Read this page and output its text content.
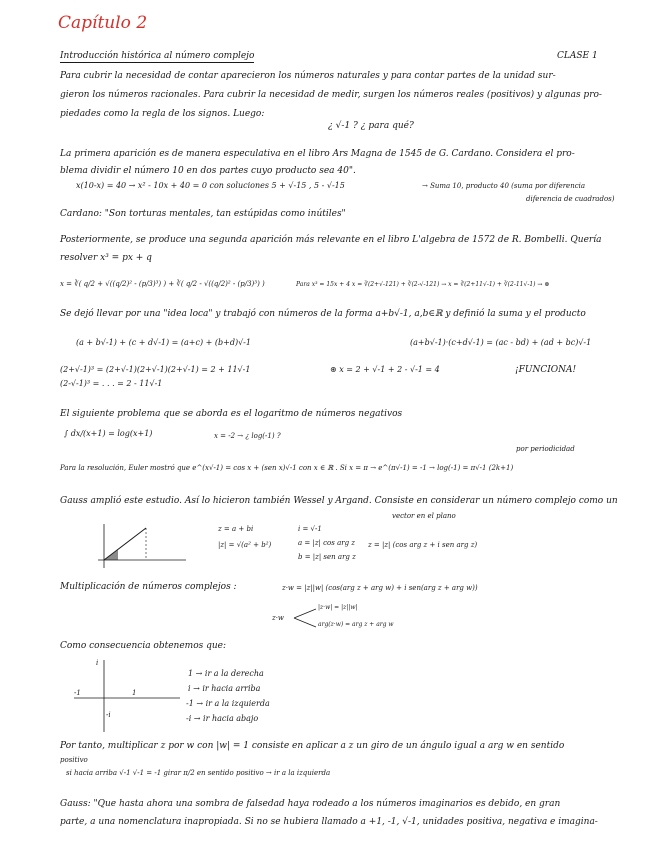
Capítulo 2
Introducción histórica al número complejo	CLASE 1
Para cubrir la necesidad de contar aparecieron los números naturales y para contar partes de la unidad sur-
gieron los números racionales. Para cubrir la necesidad de medir, surgen los números reales (positivos) y algunas pro-
piedades como la regla de los signos. Luego:
¿ √-1 ? ¿ para qué?
La primera aparición es de manera especulativa en el libro Ars Magna de 1545 de G. Cardano. Considera el pro-
blema dividir el número 10 en dos partes cuyo producto sea 40".
x(10-x) = 40 → x² - 10x + 40 = 0 con soluciones 5 + √-15 , 5 - √-15	→ Suma 10, producto 40 (suma por diferencia
diferencia de cuadrados)
Cardano: "Son torturas mentales, tan estúpidas como inútiles"
Posteriormente, se produce una segunda aparición más relevante en el libro L'algebra de 1572 de R. Bombelli. Quería
resolver x³ = px + q
x = ∛( q/2 + √((q/2)² - (p/3)³) ) + ∛( q/2 - √((q/2)² - (p/3)³) )	Para x³ = 15x + 4 x = ∛(2+√-121) + ∛(2-√-121) → x = ∛(2+11√-1) + ∛(2-11√-1) → ⊛
Se dejó llevar por una "idea loca" y trabajó con números de la forma a+b√-1, a,b∈ℝ y definió la suma y el producto
(a + b√-1) + (c + d√-1) = (a+c) + (b+d)√-1	(a+b√-1)·(c+d√-1) = (ac - bd) + (ad + bc)√-1
(2+√-1)³ = (2+√-1)(2+√-1)(2+√-1) = 2 + 11√-1
(2-√-1)³ = . . . = 2 - 11√-1
⊛ x = 2 + √-1 + 2 - √-1 = 4	¡FUNCIONA!
El siguiente problema que se aborda es el logaritmo de números negativos
∫ dx/(x+1) = log(x+1)	x = -2 → ¿ log(-1) ?
por periodicidad
Para la resolución, Euler mostró que e^(x√-1) = cos x + (sen x)√-1 con x ∈ ℝ . Si x = π → e^(π√-1) = -1 → log(-1) = π√-1 (2k+1)
Gauss amplió este estudio. Así lo hicieron también Wessel y Argand. Consiste en considerar un número complejo como un
vector en el plano
z = a + bi
|z| = √(a² + b²)
i = √-1
a = |z| cos arg z
b = |z| sen arg z
z = |z| (cos arg z + i sen arg z)
Multiplicación de números complejos :	z·w = |z||w| (cos(arg z + arg w) + i sen(arg z + arg w))
z·w
|z·w| = |z||w|
arg(z·w) = arg z + arg w
Como consecuencia obtenemos que:
i
1
-1
-i
1 → ir a la derecha
i → ir hacia arriba
-1 → ir a la izquierda
-i → ir hacia abajo
Por tanto, multiplicar z por w con |w| = 1 consiste en aplicar a z un giro de un ángulo igual a arg w en sentido
positivo
si hacia arriba √-1 √-1 = -1 girar π/2 en sentido positivo → ir a la izquierda
Gauss: "Que hasta ahora una sombra de falsedad haya rodeado a los números imaginarios es debido, en gran
parte, a una nomenclatura inapropiada. Si no se hubiera llamado a +1, -1, √-1, unidades positiva, negativa e imagina-
